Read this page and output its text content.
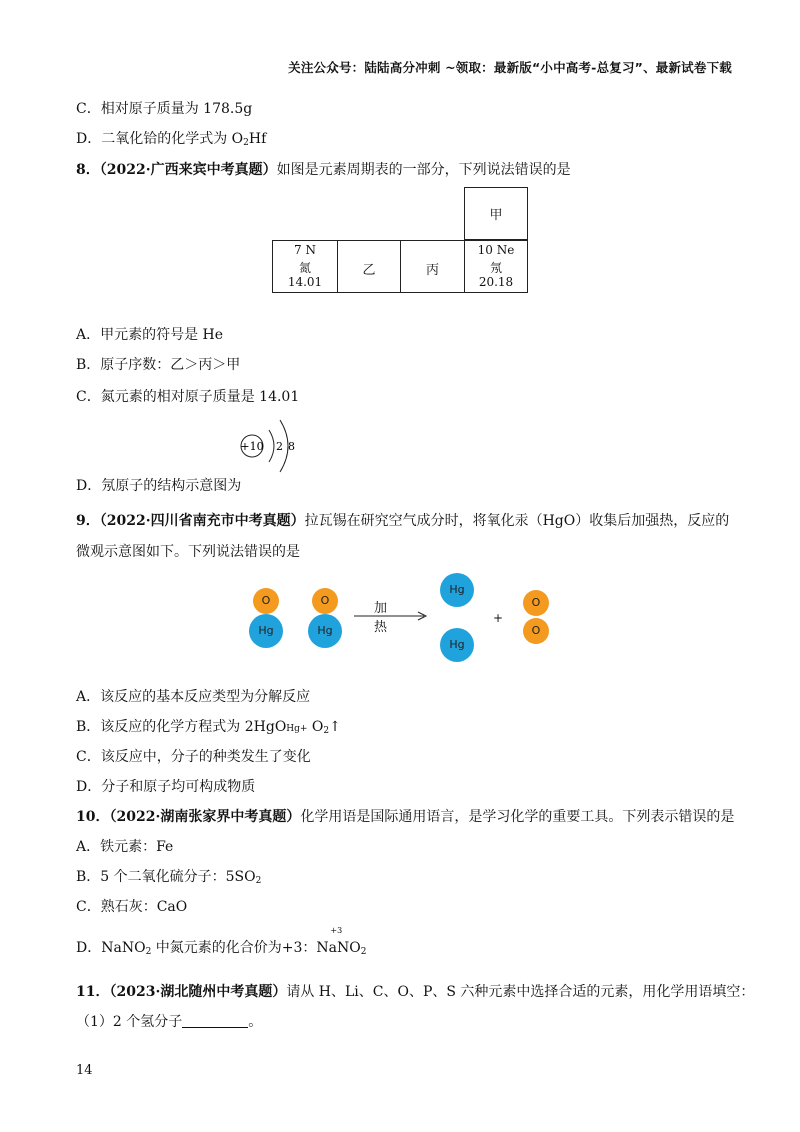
关注公众号：陆陆高分冲刺 ~领取：最新版“小中高考-总复习”、最新试卷下载
C．相对原子质量为 178.5g
D．二氧化铪的化学式为 $O_2Hf$
8．（2022·广西来宾中考真题）如图是元素周期表的一部分，下列说法错误的是
甲
7 N
氮
14.01
乙	丙
10 Ne
氖
20.18
A．甲元素的符号是 He
B．原子序数：乙＞丙＞甲
C．氮元素的相对原子质量是 14.01
+10 2 8
D．氖原子的结构示意图为
9．（2022·四川省南充市中考真题）拉瓦锡在研究空气成分时，将氧化汞（HgO）收集后加强热，反应的
微观示意图如下。下列说法错误的是
O
Hg
O
Hg
加热
Hg
Hg
+
O
O
A．该反应的基本反应类型为分解反应
B．该反应的化学方程式为 2HgOHg+ $O_2↑$
C．该反应中，分子的种类发生了变化
D．分子和原子均可构成物质
10．（2022·湖南张家界中考真题）化学用语是国际通用语言，是学习化学的重要工具。下列表示错误的是
A．铁元素：Fe
B．5 个二氧化硫分子：$5SO_2$
C．熟石灰：CaO
D．NaNO$_2$ 中氮元素的化合价为+3：
+3
NaNO$_2$
11．（2023·湖北随州中考真题）请从 H、Li、C、O、P、S 六种元素中选择合适的元素，用化学用语填空：
（1）2 个氢分子	。
14
